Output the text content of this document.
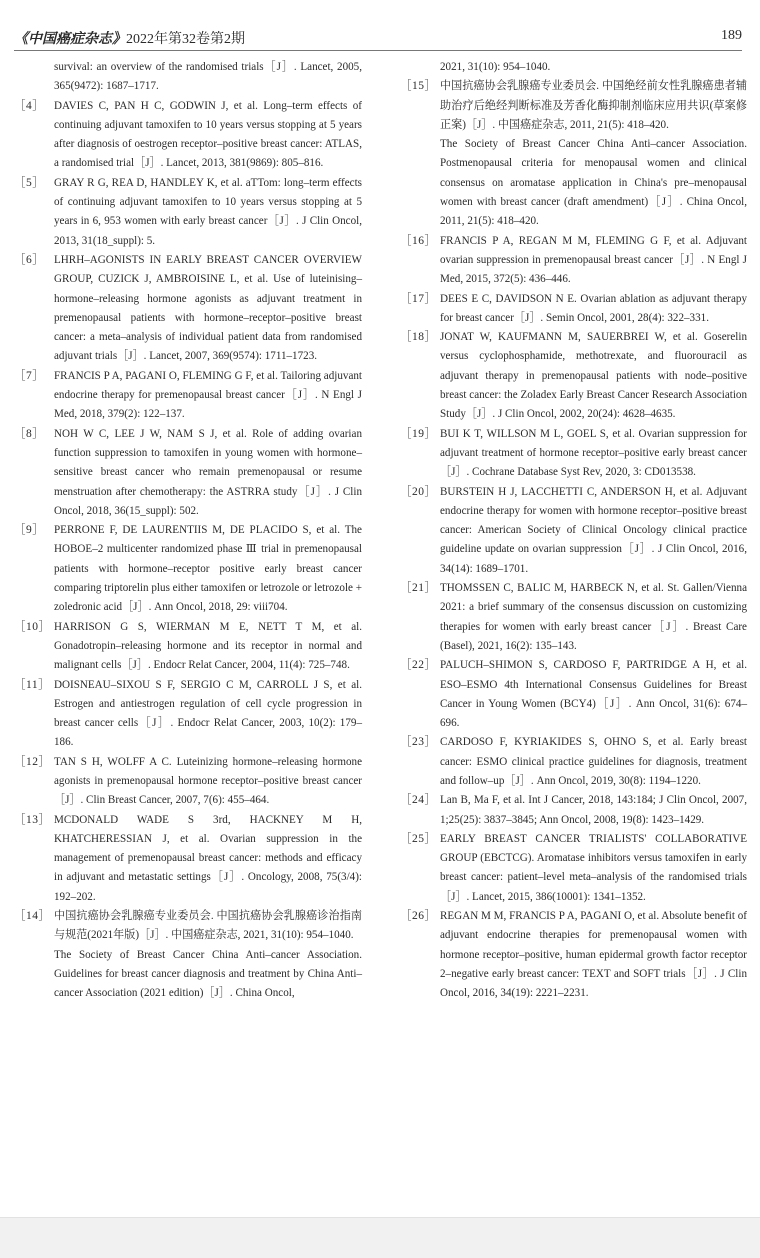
《中国癌症杂志》2022年第32卷第2期	189

survival: an overview of the randomised trials［J］. Lancet, 2005, 365(9472): 1687–1717.

［4］ DAVIES C, PAN H C, GODWIN J, et al. Long–term effects of continuing adjuvant tamoxifen to 10 years versus stopping at 5 years after diagnosis of oestrogen receptor–positive breast cancer: ATLAS, a randomised trial［J］. Lancet, 2013, 381(9869): 805–816.

［5］ GRAY R G, REA D, HANDLEY K, et al. aTTom: long–term effects of continuing adjuvant tamoxifen to 10 years versus stopping at 5 years in 6, 953 women with early breast cancer［J］. J Clin Oncol, 2013, 31(18_suppl): 5.

［6］ LHRH–AGONISTS IN EARLY BREAST CANCER OVERVIEW GROUP, CUZICK J, AMBROISINE L, et al. Use of luteinising–hormone–releasing hormone agonists as adjuvant treatment in premenopausal patients with hormone–receptor–positive breast cancer: a meta–analysis of individual patient data from randomised adjuvant trials［J］. Lancet, 2007, 369(9574): 1711–1723.

［7］ FRANCIS P A, PAGANI O, FLEMING G F, et al. Tailoring adjuvant endocrine therapy for premenopausal breast cancer［J］. N Engl J Med, 2018, 379(2): 122–137.

［8］ NOH W C, LEE J W, NAM S J, et al. Role of adding ovarian function suppression to tamoxifen in young women with hormone–sensitive breast cancer who remain premenopausal or resume menstruation after chemotherapy: the ASTRRA study［J］. J Clin Oncol, 2018, 36(15_suppl): 502.

［9］ PERRONE F, DE LAURENTIIS M, DE PLACIDO S, et al. The HOBOE–2 multicenter randomized phase Ⅲ trial in premenopausal patients with hormone–receptor positive early breast cancer comparing triptorelin plus either tamoxifen or letrozole or letrozole + zoledronic acid［J］. Ann Oncol, 2018, 29: viii704.

［10］ HARRISON G S, WIERMAN M E, NETT T M, et al. Gonadotropin–releasing hormone and its receptor in normal and malignant cells［J］. Endocr Relat Cancer, 2004, 11(4): 725–748.

［11］ DOISNEAU–SIXOU S F, SERGIO C M, CARROLL J S, et al. Estrogen and antiestrogen regulation of cell cycle progression in breast cancer cells［J］. Endocr Relat Cancer, 2003, 10(2): 179–186.

［12］ TAN S H, WOLFF A C. Luteinizing hormone–releasing hormone agonists in premenopausal hormone receptor–positive breast cancer［J］. Clin Breast Cancer, 2007, 7(6): 455–464.

［13］ MCDONALD WADE S 3rd, HACKNEY M H, KHATCHERESSIAN J, et al. Ovarian suppression in the management of premenopausal breast cancer: methods and efficacy in adjuvant and metastatic settings［J］. Oncology, 2008, 75(3/4): 192–202.

［14］ 中国抗癌协会乳腺癌专业委员会. 中国抗癌协会乳腺癌诊治指南与规范(2021年版)［J］. 中国癌症杂志, 2021, 31(10): 954–1040.

The Society of Breast Cancer China Anti–cancer Association. Guidelines for breast cancer diagnosis and treatment by China Anti–cancer Association (2021 edition)［J］. China Oncol,

2021, 31(10): 954–1040.

［15］ 中国抗癌协会乳腺癌专业委员会. 中国绝经前女性乳腺癌患者辅助治疗后绝经判断标准及芳香化酶抑制剂临床应用共识(草案修正案)［J］. 中国癌症杂志, 2011, 21(5): 418–420.

The Society of Breast Cancer China Anti–cancer Association. Postmenopausal criteria for menopausal women and clinical consensus on aromatase application in China's pre–menopausal women with breast cancer (draft amendment)［J］. China Oncol, 2011, 21(5): 418–420.

［16］ FRANCIS P A, REGAN M M, FLEMING G F, et al. Adjuvant ovarian suppression in premenopausal breast cancer［J］. N Engl J Med, 2015, 372(5): 436–446.

［17］ DEES E C, DAVIDSON N E. Ovarian ablation as adjuvant therapy for breast cancer［J］. Semin Oncol, 2001, 28(4): 322–331.

［18］ JONAT W, KAUFMANN M, SAUERBREI W, et al. Goserelin versus cyclophosphamide, methotrexate, and fluorouracil as adjuvant therapy in premenopausal patients with node–positive breast cancer: the Zoladex Early Breast Cancer Research Association Study［J］. J Clin Oncol, 2002, 20(24): 4628–4635.

［19］ BUI K T, WILLSON M L, GOEL S, et al. Ovarian suppression for adjuvant treatment of hormone receptor–positive early breast cancer［J］. Cochrane Database Syst Rev, 2020, 3: CD013538.

［20］ BURSTEIN H J, LACCHETTI C, ANDERSON H, et al. Adjuvant endocrine therapy for women with hormone receptor–positive breast cancer: American Society of Clinical Oncology clinical practice guideline update on ovarian suppression［J］. J Clin Oncol, 2016, 34(14): 1689–1701.

［21］ THOMSSEN C, BALIC M, HARBECK N, et al. St. Gallen/Vienna 2021: a brief summary of the consensus discussion on customizing therapies for women with early breast cancer［J］. Breast Care (Basel), 2021, 16(2): 135–143.

［22］ PALUCH–SHIMON S, CARDOSO F, PARTRIDGE A H, et al. ESO–ESMO 4th International Consensus Guidelines for Breast Cancer in Young Women (BCY4)［J］. Ann Oncol, 31(6): 674–696.

［23］ CARDOSO F, KYRIAKIDES S, OHNO S, et al. Early breast cancer: ESMO clinical practice guidelines for diagnosis, treatment and follow–up［J］. Ann Oncol, 2019, 30(8): 1194–1220.

［24］ Lan B, Ma F, et al. Int J Cancer, 2018, 143:184; J Clin Oncol, 2007, 1;25(25): 3837–3845; Ann Oncol, 2008, 19(8): 1423–1429.

［25］ EARLY BREAST CANCER TRIALISTS' COLLABORATIVE GROUP (EBCTCG). Aromatase inhibitors versus tamoxifen in early breast cancer: patient–level meta–analysis of the randomised trials［J］. Lancet, 2015, 386(10001): 1341–1352.

［26］ REGAN M M, FRANCIS P A, PAGANI O, et al. Absolute benefit of adjuvant endocrine therapies for premenopausal women with hormone receptor–positive, human epidermal growth factor receptor 2–negative early breast cancer: TEXT and SOFT trials［J］. J Clin Oncol, 2016, 34(19): 2221–2231.
